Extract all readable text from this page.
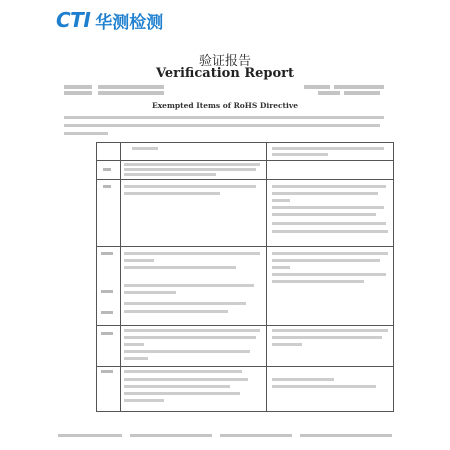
CTI 华测检测
验证报告
Verification Report
Exempted Items of RoHS Directive
